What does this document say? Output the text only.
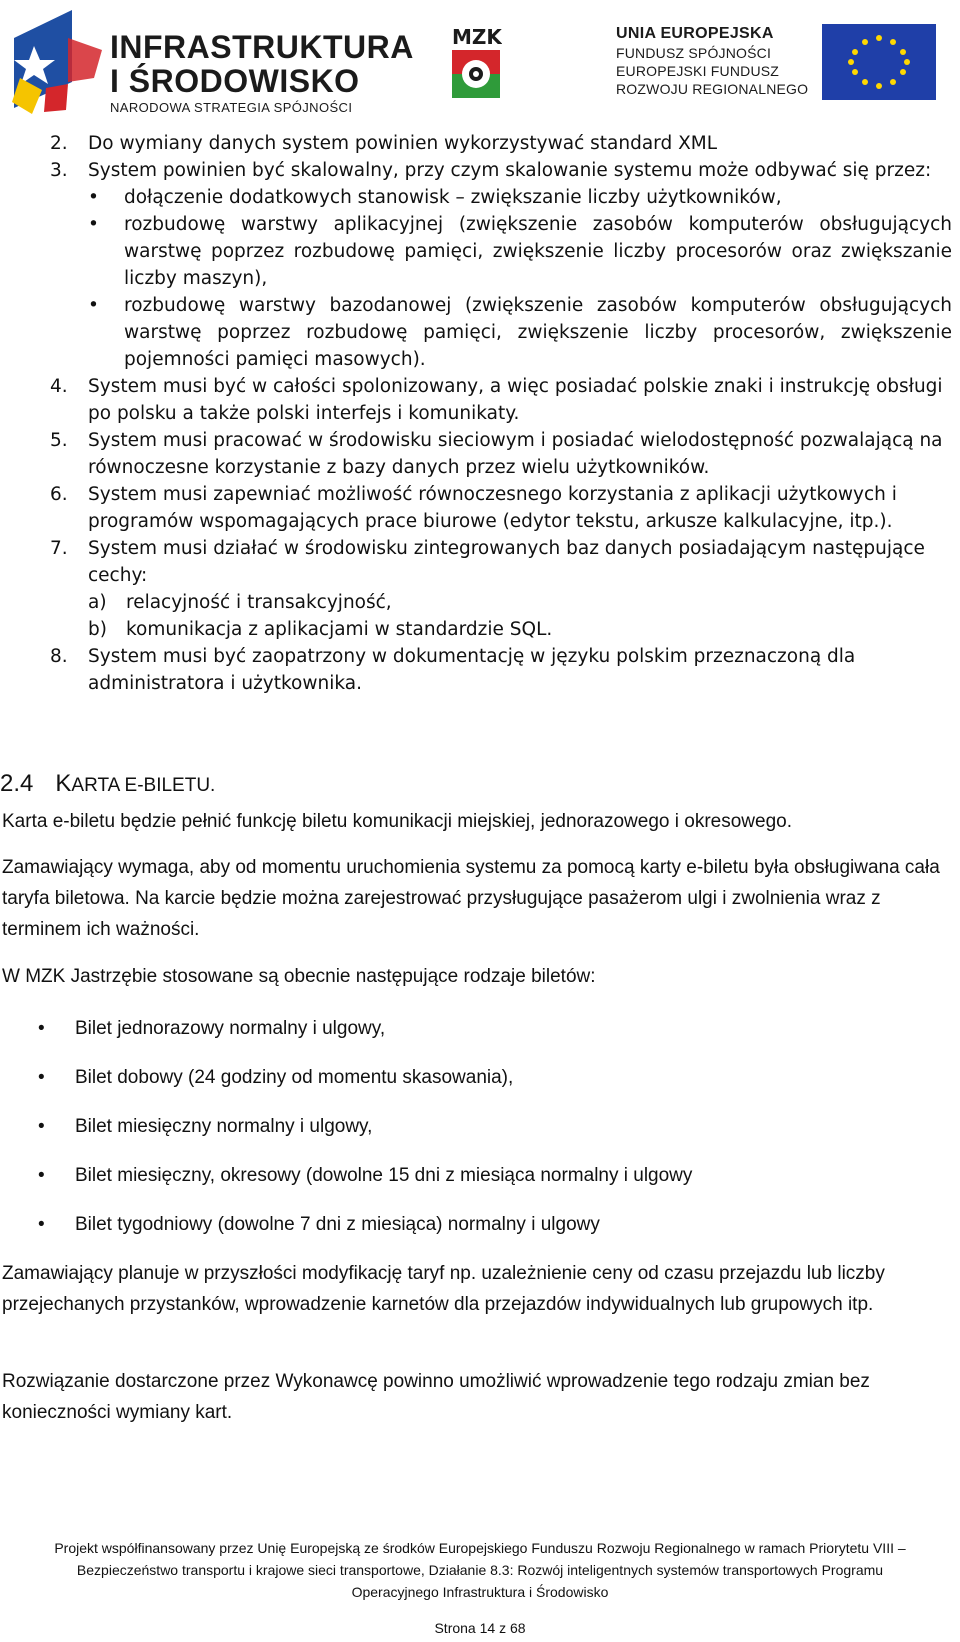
INFRASTRUKTURA
I ŚRODOWISKO
NARODOWA STRATEGIA SPÓJNOŚCI
MZK	UNIA EUROPEJSKA
FUNDUSZ SPÓJNOŚCI
EUROPEJSKI FUNDUSZ
ROZWOJU REGIONALNEGO
2. Do wymiany danych system powinien wykorzystywać standard XML
3. System powinien być skalowalny, przy czym skalowanie systemu może odbywać się przez:
• dołączenie dodatkowych stanowisk – zwiększanie liczby użytkowników,
• rozbudowę warstwy aplikacyjnej (zwiększenie zasobów komputerów obsługujących warstwę poprzez rozbudowę pamięci, zwiększenie liczby procesorów oraz zwiększanie liczby maszyn),
• rozbudowę warstwy bazodanowej (zwiększenie zasobów komputerów obsługujących warstwę poprzez rozbudowę pamięci, zwiększenie liczby procesorów, zwiększenie pojemności pamięci masowych).
4. System musi być w całości spolonizowany, a więc posiadać polskie znaki i instrukcję obsługi po polsku a także polski interfejs i komunikaty.
5. System musi pracować w środowisku sieciowym i posiadać wielodostępność pozwalającą na równoczesne korzystanie z bazy danych przez wielu użytkowników.
6. System musi zapewniać możliwość równoczesnego korzystania z aplikacji użytkowych i programów wspomagających prace biurowe (edytor tekstu, arkusze kalkulacyjne, itp.).
7. System musi działać w środowisku zintegrowanych baz danych posiadającym następujące cechy:
a) relacyjność i transakcyjność,
b) komunikacja z aplikacjami w standardzie SQL.
8. System musi być zaopatrzony w dokumentację w języku polskim przeznaczoną dla administratora i użytkownika.
2.4 KARTA E-BILETU.
Karta e-biletu będzie pełnić funkcję biletu komunikacji miejskiej, jednorazowego i okresowego.
Zamawiający wymaga, aby od momentu uruchomienia systemu za pomocą karty e-biletu była obsługiwana cała taryfa biletowa. Na karcie będzie można zarejestrować przysługujące pasażerom ulgi i zwolnienia wraz z terminem ich ważności.
W MZK Jastrzębie stosowane są obecnie następujące rodzaje biletów:
• Bilet jednorazowy normalny i ulgowy,
• Bilet dobowy (24 godziny od momentu skasowania),
• Bilet miesięczny normalny i ulgowy,
• Bilet miesięczny, okresowy (dowolne 15 dni z miesiąca normalny i ulgowy
• Bilet tygodniowy (dowolne 7 dni z miesiąca) normalny i ulgowy
Zamawiający planuje w przyszłości modyfikację taryf np. uzależnienie ceny od czasu przejazdu lub liczby przejechanych przystanków, wprowadzenie karnetów dla przejazdów indywidualnych lub grupowych itp.
Rozwiązanie dostarczone przez Wykonawcę powinno umożliwić wprowadzenie tego rodzaju zmian bez konieczności wymiany kart.
Projekt współfinansowany przez Unię Europejską ze środków Europejskiego Funduszu Rozwoju Regionalnego w ramach Priorytetu VIII –
Bezpieczeństwo transportu i krajowe sieci transportowe, Działanie 8.3: Rozwój inteligentnych systemów transportowych Programu
Operacyjnego Infrastruktura i Środowisko
Strona 14 z 68
